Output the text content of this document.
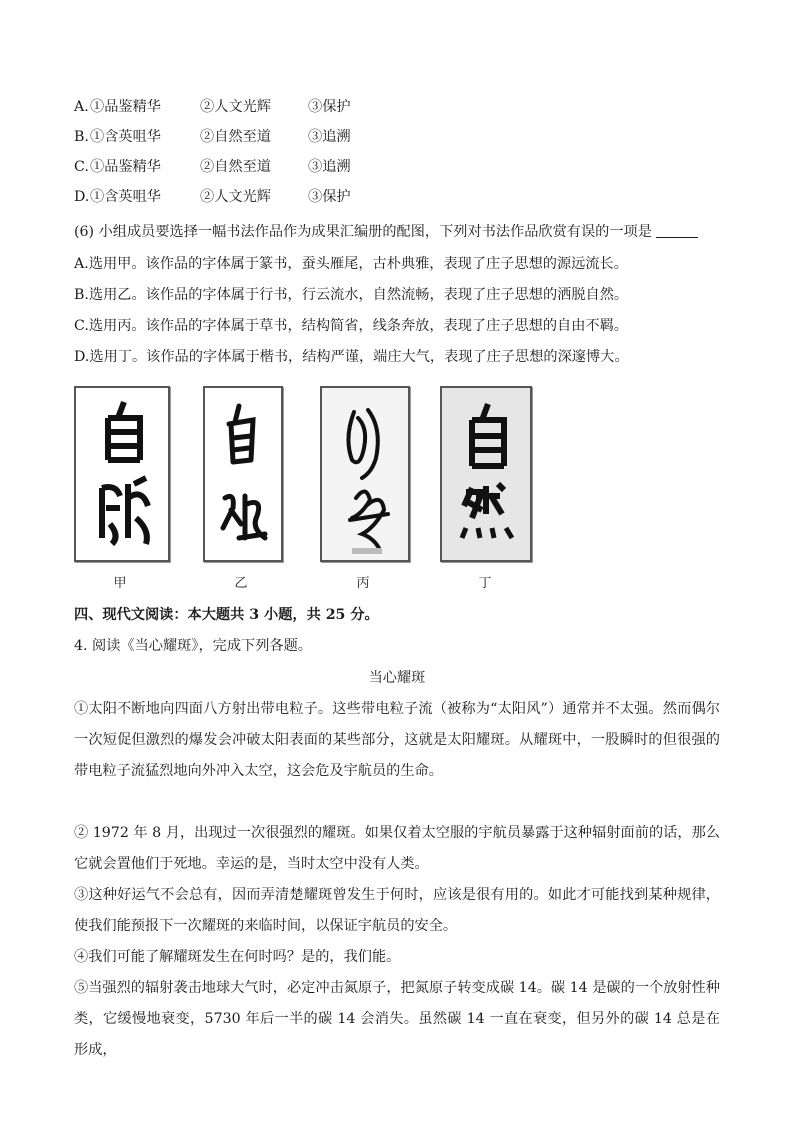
A. ①品鉴精华	②人文光辉	③保护
B. ①含英咀华	②自然至道	③追溯
C. ①品鉴精华	②自然至道	③追溯
D. ①含英咀华	②人文光辉	③保护
(6) 小组成员要选择一幅书法作品作为成果汇编册的配图，下列对书法作品欣赏有误的一项是
A.选用甲。该作品的字体属于篆书，蚕头雁尾，古朴典雅，表现了庄子思想的源远流长。
B.选用乙。该作品的字体属于行书，行云流水，自然流畅，表现了庄子思想的洒脱自然。
C.选用丙。该作品的字体属于草书，结构简省，线条奔放，表现了庄子思想的自由不羁。
D.选用丁。该作品的字体属于楷书，结构严谨，端庄大气，表现了庄子思想的深邃博大。
甲	乙	丙	丁
四、现代文阅读：本大题共 3 小题，共 25 分。
4. 阅读《当心耀斑》，完成下列各题。
当心耀斑
①太阳不断地向四面八方射出带电粒子。这些带电粒子流（被称为“太阳风”）通常并不太强。然而偶尔一次短促但激烈的爆发会冲破太阳表面的某些部分，这就是太阳耀斑。从耀斑中，一股瞬时的但很强的带电粒子流猛烈地向外冲入太空，这会危及宇航员的生命。
② 1972 年 8 月，出现过一次很强烈的耀斑。如果仅着太空服的宇航员暴露于这种辐射面前的话，那么它就会置他们于死地。幸运的是，当时太空中没有人类。
③这种好运气不会总有，因而弄清楚耀斑曾发生于何时，应该是很有用的。如此才可能找到某种规律，使我们能预报下一次耀斑的来临时间，以保证宇航员的安全。
④我们可能了解耀斑发生在何时吗？是的，我们能。
⑤当强烈的辐射袭击地球大气时，必定冲击氮原子，把氮原子转变成碳 14。碳 14 是碳的一个放射性种类，它缓慢地衰变，5730 年后一半的碳 14 会消失。虽然碳 14 一直在衰变，但另外的碳 14 总是在形成，
